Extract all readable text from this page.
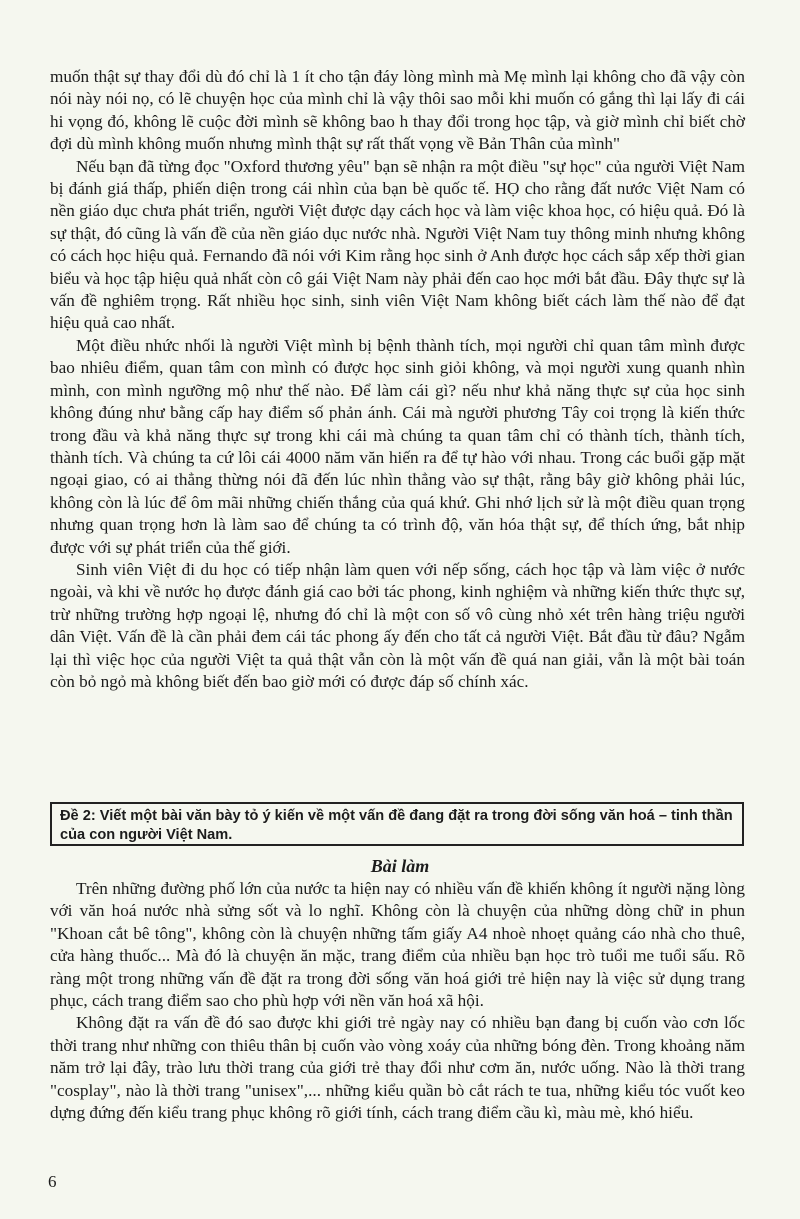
muốn thật sự thay đổi dù đó chỉ là 1 ít cho tận đáy lòng mình mà Mẹ mình lại không cho đã vậy còn nói này nói nọ, có lẽ chuyện học của mình chỉ là vậy thôi sao mỗi khi muốn có gắng thì lại lấy đi cái hi vọng đó, không lẽ cuộc đời mình sẽ không bao h thay đổi trong học tập, và giờ mình chỉ biết chờ đợi dù mình không muốn nhưng mình thật sự rất thất vọng về Bản Thân của mình"

Nếu bạn đã từng đọc "Oxford thương yêu" bạn sẽ nhận ra một điều "sự học" của người Việt Nam bị đánh giá thấp, phiến diện trong cái nhìn của bạn bè quốc tế. HỌ cho rằng đất nước Việt Nam có nền giáo dục chưa phát triển, người Việt được dạy cách học và làm việc khoa học, có hiệu quả. Đó là sự thật, đó cũng là vấn đề của nền giáo dục nước nhà. Người Việt Nam tuy thông minh nhưng không có cách học hiệu quả. Fernando đã nói với Kim rằng học sinh ở Anh được học cách sắp xếp thời gian biểu và học tập hiệu quả nhất còn cô gái Việt Nam này phải đến cao học mới bắt đầu. Đây thực sự là vấn đề nghiêm trọng. Rất nhiều học sinh, sinh viên Việt Nam không biết cách làm thế nào để đạt hiệu quả cao nhất.

Một điều nhức nhối là người Việt mình bị bệnh thành tích, mọi người chỉ quan tâm mình được bao nhiêu điểm, quan tâm con mình có được học sinh giỏi không, và mọi người xung quanh nhìn mình, con mình ngưỡng mộ như thế nào. Để làm cái gì? nếu như khả năng thực sự của học sinh không đúng như bằng cấp hay điểm số phản ánh. Cái mà người phương Tây coi trọng là kiến thức trong đầu và khả năng thực sự trong khi cái mà chúng ta quan tâm chỉ có thành tích, thành tích, thành tích. Và chúng ta cứ lôi cái 4000 năm văn hiến ra để tự hào với nhau. Trong các buổi gặp mặt ngoại giao, có ai thẳng thừng nói đã đến lúc nhìn thẳng vào sự thật, rằng bây giờ không phải lúc, không còn là lúc để ôm mãi những chiến thắng của quá khứ. Ghi nhớ lịch sử là một điều quan trọng nhưng quan trọng hơn là làm sao để chúng ta có trình độ, văn hóa thật sự, để thích ứng, bắt nhịp được với sự phát triển của thế giới.

Sinh viên Việt đi du học có tiếp nhận làm quen với nếp sống, cách học tập và làm việc ở nước ngoài, và khi về nước họ được đánh giá cao bởi tác phong, kinh nghiệm và những kiến thức thực sự, trừ những trường hợp ngoại lệ, nhưng đó chỉ là một con số vô cùng nhỏ xét trên hàng triệu người dân Việt. Vấn đề là cần phải đem cái tác phong ấy đến cho tất cả người Việt. Bắt đầu từ đâu? Ngẫm lại thì việc học của người Việt ta quả thật vẫn còn là một vấn đề quá nan giải, vẫn là một bài toán còn bỏ ngỏ mà không biết đến bao giờ mới có được đáp số chính xác.

Đề 2: Viết một bài văn bày tỏ ý kiến về một vấn đề đang đặt ra trong đời sống văn hoá – tinh thần của con người Việt Nam.
Bài làm

Trên những đường phố lớn của nước ta hiện nay có nhiều vấn đề khiến không ít người nặng lòng với văn hoá nước nhà sửng sốt và lo nghĩ. Không còn là chuyện của những dòng chữ in phun "Khoan cắt bê tông", không còn là chuyện những tấm giấy A4 nhoè nhoẹt quảng cáo nhà cho thuê, cửa hàng thuốc... Mà đó là chuyện ăn mặc, trang điểm của nhiều bạn học trò tuổi me tuổi sấu. Rõ ràng một trong những vấn đề đặt ra trong đời sống văn hoá giới trẻ hiện nay là việc sử dụng trang phục, cách trang điểm sao cho phù hợp với nền văn hoá xã hội.

Không đặt ra vấn đề đó sao được khi giới trẻ ngày nay có nhiều bạn đang bị cuốn vào cơn lốc thời trang như những con thiêu thân bị cuốn vào vòng xoáy của những bóng đèn. Trong khoảng năm năm trở lại đây, trào lưu thời trang của giới trẻ thay đổi như cơm ăn, nước uống. Nào là thời trang "cosplay", nào là thời trang "unisex",... những kiểu quần bò cắt rách te tua, những kiểu tóc vuốt keo dựng đứng đến kiểu trang phục không rõ giới tính, cách trang điểm cầu kì, màu mè, khó hiểu.

6
